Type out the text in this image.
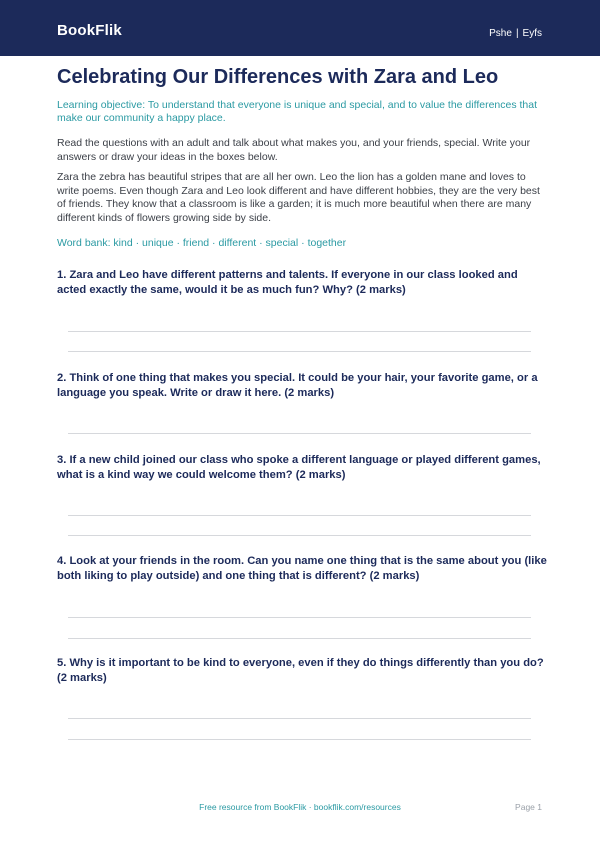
BookFlik	Pshe | Eyfs
Celebrating Our Differences with Zara and Leo
Learning objective: To understand that everyone is unique and special, and to value the differences that make our community a happy place.
Read the questions with an adult and talk about what makes you, and your friends, special. Write your answers or draw your ideas in the boxes below.
Zara the zebra has beautiful stripes that are all her own. Leo the lion has a golden mane and loves to write poems. Even though Zara and Leo look different and have different hobbies, they are the very best of friends. They know that a classroom is like a garden; it is much more beautiful when there are many different kinds of flowers growing side by side.
Word bank: kind · unique · friend · different · special · together
1. Zara and Leo have different patterns and talents. If everyone in our class looked and acted exactly the same, would it be as much fun? Why? (2 marks)
2. Think of one thing that makes you special. It could be your hair, your favorite game, or a language you speak. Write or draw it here. (2 marks)
3. If a new child joined our class who spoke a different language or played different games, what is a kind way we could welcome them? (2 marks)
4. Look at your friends in the room. Can you name one thing that is the same about you (like both liking to play outside) and one thing that is different? (2 marks)
5. Why is it important to be kind to everyone, even if they do things differently than you do? (2 marks)
Free resource from BookFlik · bookflik.com/resources	Page 1
